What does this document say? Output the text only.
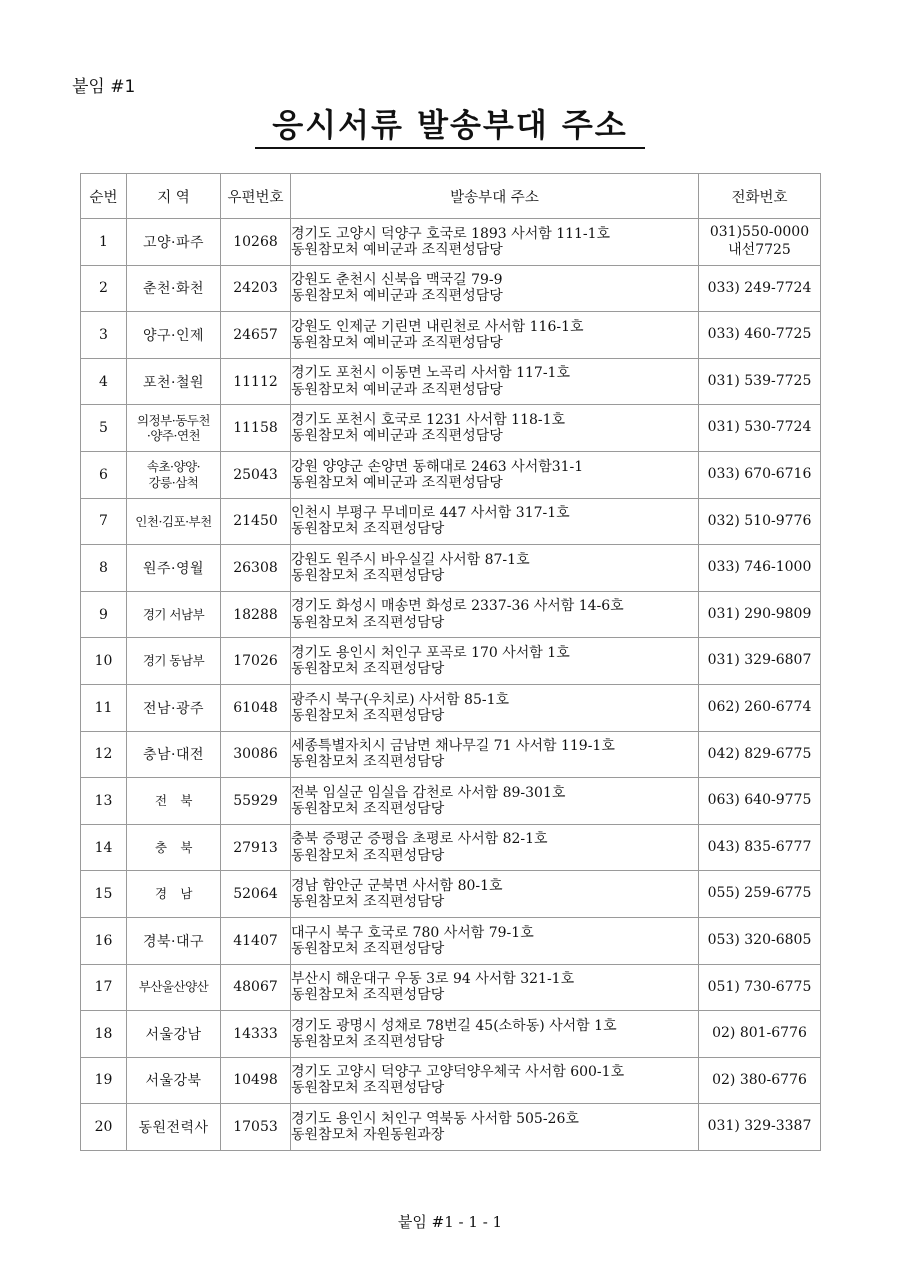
붙임 #1
응시서류 발송부대 주소
순번	지 역	우편번호	발송부대 주소	전화번호
1	고양·파주	10268	경기도 고양시 덕양구 호국로 1893 사서함 111-1호
동원참모처 예비군과 조직편성담당	031)550-0000
내선7725

2	춘천·화천	24203	강원도 춘천시 신북읍 맥국길 79-9
동원참모처 예비군과 조직편성담당	033) 249-7724
3	양구·인제	24657	강원도 인제군 기린면 내린천로 사서함 116-1호
동원참모처 예비군과 조직편성담당	033) 460-7725
4	포천·철원	11112	경기도 포천시 이동면 노곡리 사서함 117-1호
동원참모처 예비군과 조직편성담당	031) 539-7725
5	의정부·동두천
·양주·연천	11158	경기도 포천시 호국로 1231 사서함 118-1호
동원참모처 예비군과 조직편성담당	031) 530-7724
6	속초·양양·
강릉·삼척	25043	강원 양양군 손양면 동해대로 2463 사서함31-1
동원참모처 예비군과 조직편성담당	033) 670-6716
7	인천·김포·부천	21450	인천시 부평구 무네미로 447 사서함 317-1호
동원참모처 조직편성담당	032) 510-9776
8	원주·영월	26308	강원도 원주시 바우실길 사서함 87-1호
동원참모처 조직편성담당	033) 746-1000
9	경기 서남부	18288	경기도 화성시 매송면 화성로 2337-36 사서함 14-6호
동원참모처 조직편성담당	031) 290-9809
10	경기 동남부	17026	경기도 용인시 처인구 포곡로 170 사서함 1호
동원참모처 조직편성담당	031) 329-6807
11	전남·광주	61048	광주시 북구(우치로) 사서함 85-1호
동원참모처 조직편성담당	062) 260-6774
12	충남·대전	30086	세종특별자치시 금남면 채나무길 71 사서함 119-1호
동원참모처 조직편성담당	042) 829-6775
13	전    북	55929	전북 임실군 임실읍 감천로 사서함 89-301호
동원참모처 조직편성담당	063) 640-9775
14	충    북	27913	충북 증평군 증평읍 초평로 사서함 82-1호
동원참모처 조직편성담당	043) 835-6777
15	경    남	52064	경남 함안군 군북면 사서함 80-1호
동원참모처 조직편성담당	055) 259-6775
16	경북·대구	41407	대구시 북구 호국로 780 사서함 79-1호
동원참모처 조직편성담당	053) 320-6805
17	부산울산양산	48067	부산시 해운대구 우동 3로 94 사서함 321-1호
동원참모처 조직편성담당	051) 730-6775
18	서울강남	14333	경기도 광명시 성채로 78번길 45(소하동) 사서함 1호
동원참모처 조직편성담당	02) 801-6776
19	서울강북	10498	경기도 고양시 덕양구 고양덕양우체국 사서함 600-1호
동원참모처 조직편성담당	02) 380-6776
20	동원전력사	17053	경기도 용인시 처인구 역북동 사서함 505-26호
동원참모처 자원동원과장	031) 329-3387
붙임 #1 - 1 - 1
